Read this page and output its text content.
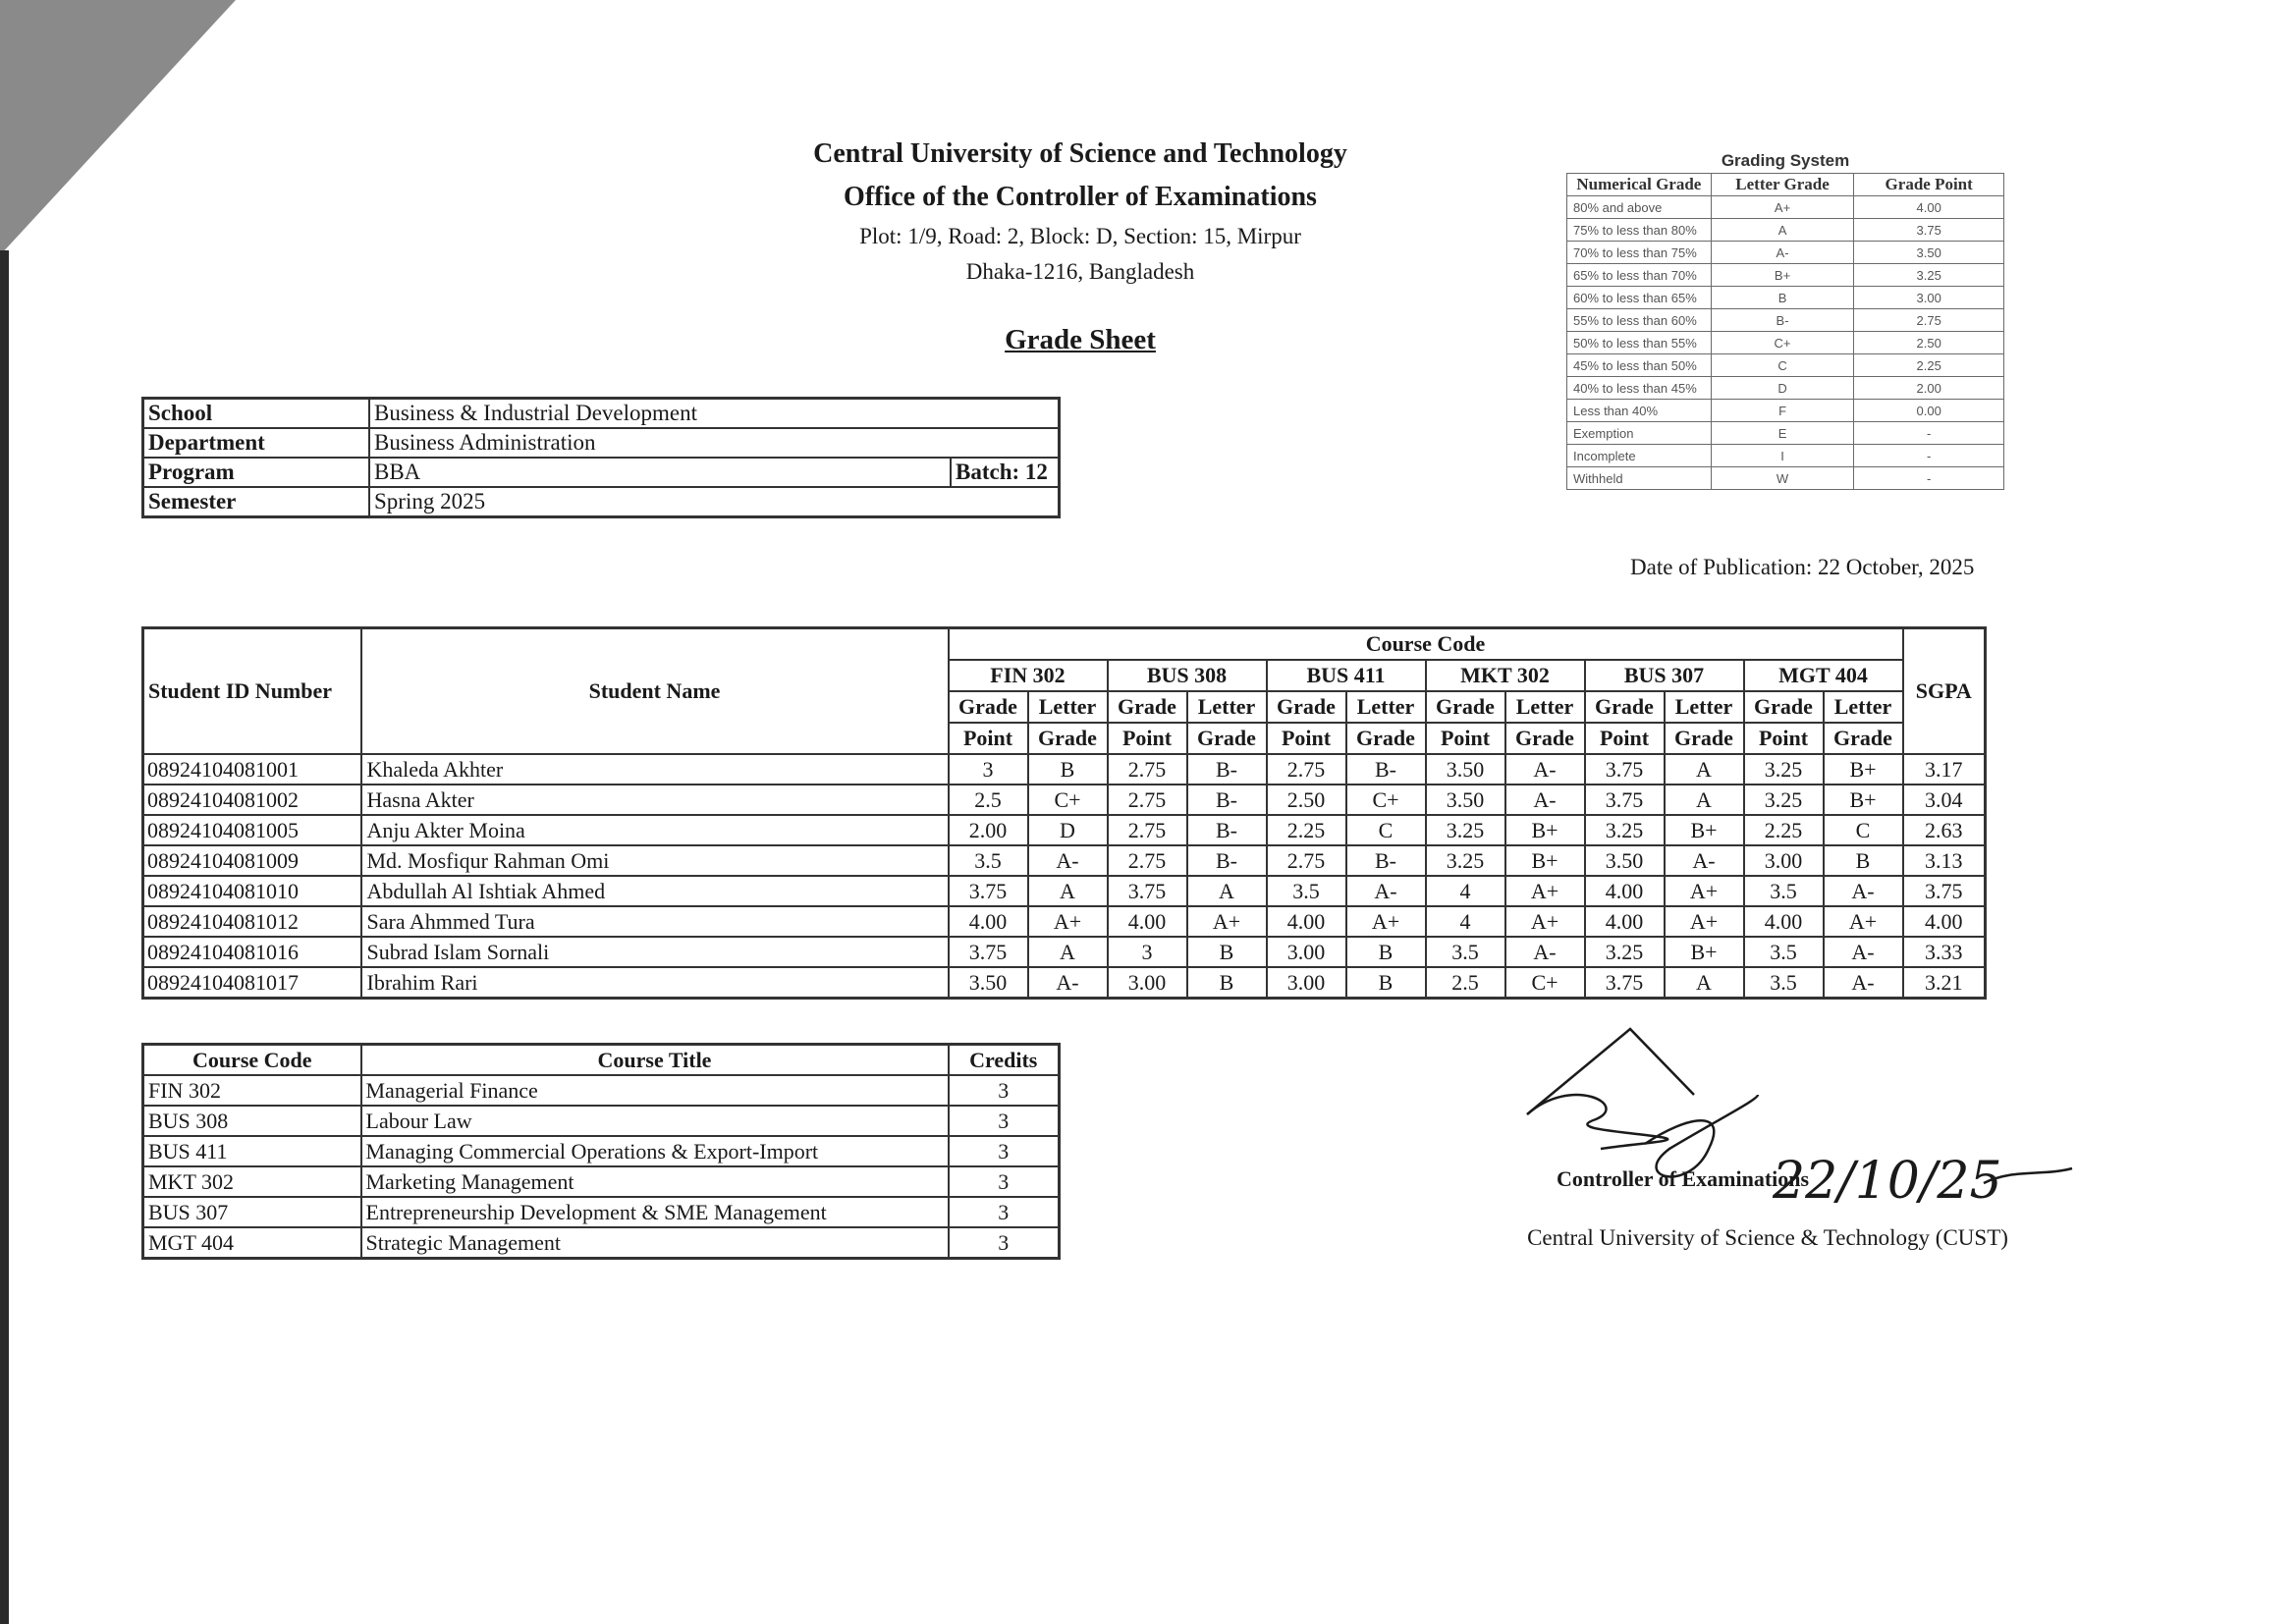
Central University of Science and Technology
Office of the Controller of Examinations
Plot: 1/9, Road: 2, Block: D, Section: 15, Mirpur
Dhaka-1216, Bangladesh
Grade Sheet
Grading System
Numerical Grade	Letter Grade	Grade Point
80% and above	A+	4.00
75% to less than 80%	A	3.75
70% to less than 75%	A-	3.50
65% to less than 70%	B+	3.25
60% to less than 65%	B	3.00
55% to less than 60%	B-	2.75
50% to less than 55%	C+	2.50
45% to less than 50%	C	2.25
40% to less than 45%	D	2.00
Less than 40%	F	0.00
Exemption	E	-
Incomplete	I	-
Withheld	W	-
School	Business & Industrial Development	
Department	Business Administration	
Program	BBA	Batch: 12
Semester	Spring 2025	
Date of Publication: 22 October, 2025
Student ID Number	Student Name	Course Code												SGPA
		FIN 302		BUS 308		BUS 411		MKT 302		BUS 307		MGT 404		
		Grade	Letter	Grade	Letter	Grade	Letter	Grade	Letter	Grade	Letter	Grade	Letter	
		Point	Grade	Point	Grade	Point	Grade	Point	Grade	Point	Grade	Point	Grade	
08924104081001	Khaleda Akhter	3	B	2.75	B-	2.75	B-	3.50	A-	3.75	A	3.25	B+	3.17
08924104081002	Hasna Akter	2.5	C+	2.75	B-	2.50	C+	3.50	A-	3.75	A	3.25	B+	3.04
08924104081005	Anju Akter Moina	2.00	D	2.75	B-	2.25	C	3.25	B+	3.25	B+	2.25	C	2.63
08924104081009	Md. Mosfiqur Rahman Omi	3.5	A-	2.75	B-	2.75	B-	3.25	B+	3.50	A-	3.00	B	3.13
08924104081010	Abdullah Al Ishtiak Ahmed	3.75	A	3.75	A	3.5	A-	4	A+	4.00	A+	3.5	A-	3.75
08924104081012	Sara Ahmmed Tura	4.00	A+	4.00	A+	4.00	A+	4	A+	4.00	A+	4.00	A+	4.00
08924104081016	Subrad Islam Sornali	3.75	A	3	B	3.00	B	3.5	A-	3.25	B+	3.5	A-	3.33
08924104081017	Ibrahim Rari	3.50	A-	3.00	B	3.00	B	2.5	C+	3.75	A	3.5	A-	3.21
Course Code	Course Title	Credits
FIN 302	Managerial Finance	3
BUS 308	Labour Law	3
BUS 411	Managing Commercial Operations & Export-Import	3
MKT 302	Marketing Management	3
BUS 307	Entrepreneurship Development & SME Management	3
MGT 404	Strategic Management	3
22/10/25
Controller of Examinations
Central University of Science & Technology (CUST)
